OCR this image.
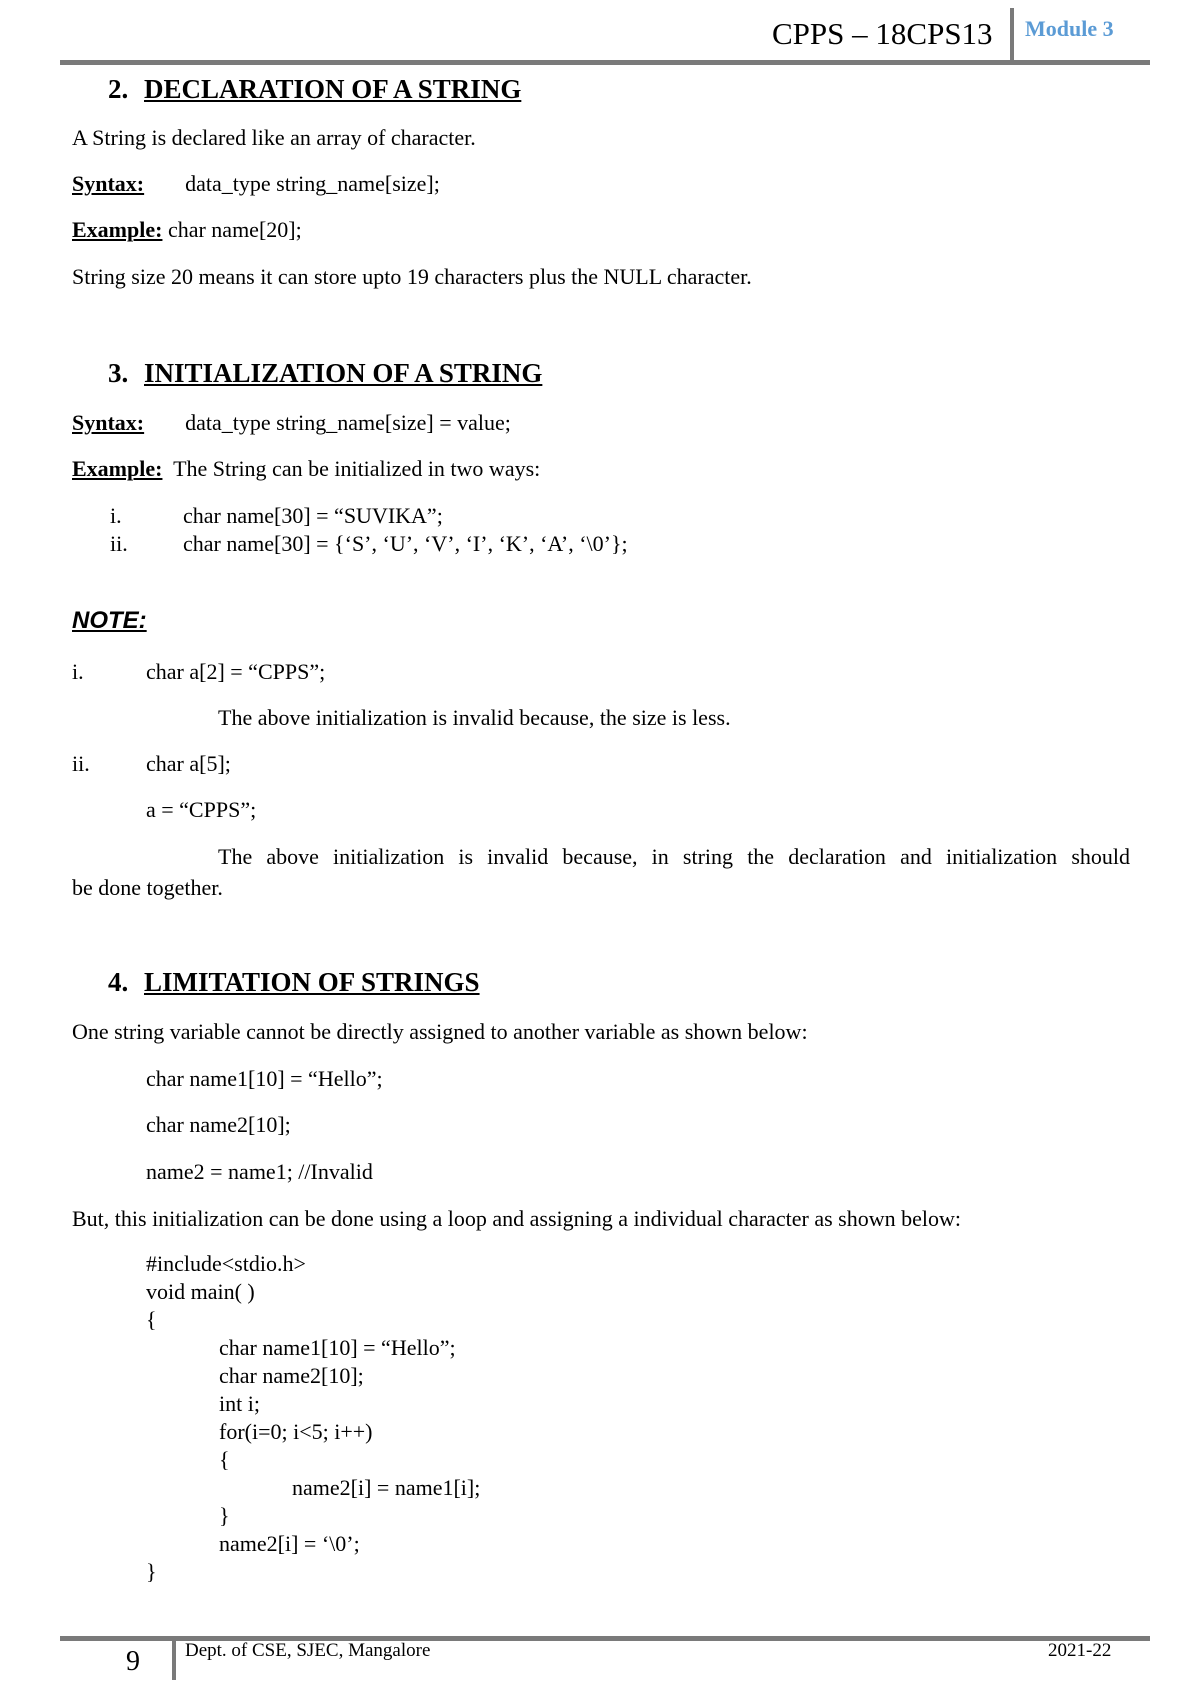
CPPS – 18CPS13 Module 3
2. DECLARATION OF A STRING
A String is declared like an array of character.
Syntax: data_type string_name[size];
Example: char name[20];
String size 20 means it can store upto 19 characters plus the NULL character.
3. INITIALIZATION OF A STRING
Syntax: data_type string_name[size] = value;
Example: The String can be initialized in two ways:
i.	char name[30] = “SUVIKA”;
ii.	char name[30] = {‘S’, ‘U’, ‘V’, ‘I’, ‘K’, ‘A’, ‘\0’};
NOTE:
i.	char a[2] = “CPPS”;
The above initialization is invalid because, the size is less.
ii.	char a[5];
a = “CPPS”;
The above initialization is invalid because, in string the declaration and initialization should
be done together.
4. LIMITATION OF STRINGS
One string variable cannot be directly assigned to another variable as shown below:
char name1[10] = “Hello”;
char name2[10];
name2 = name1; //Invalid
But, this initialization can be done using a loop and assigning a individual character as shown below:
#include<stdio.h>
void main( )
{
char name1[10] = “Hello”;
char name2[10];
int i;
for(i=0; i<5; i++)
{
name2[i] = name1[i];
}
name2[i] = ‘\0’;
}
9 Dept. of CSE, SJEC, Mangalore	2021-22
